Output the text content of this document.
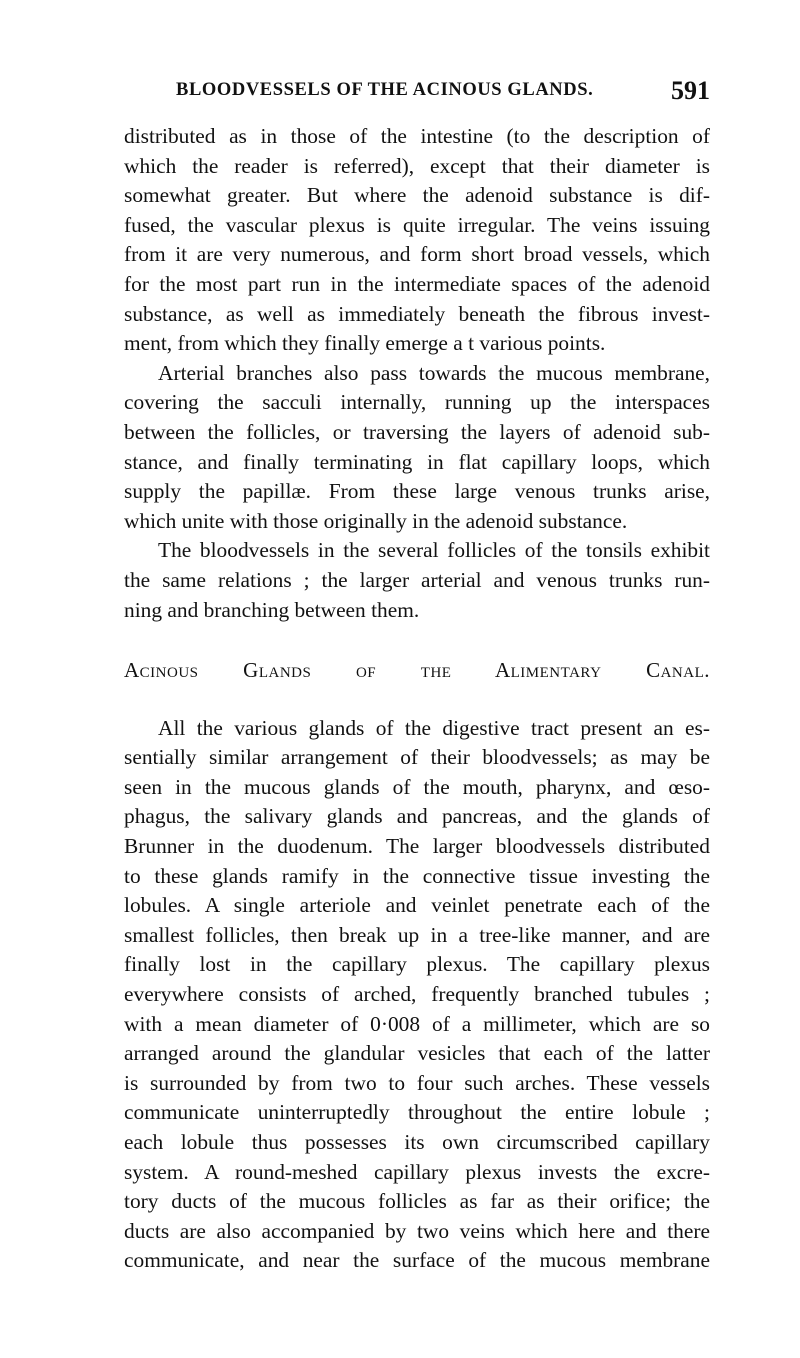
BLOODVESSELS OF THE ACINOUS GLANDS.	591
distributed as in those of the intestine (to the description of
which the reader is referred), except that their diameter is
somewhat greater. But where the adenoid substance is dif-
fused, the vascular plexus is quite irregular. The veins issuing
from it are very numerous, and form short broad vessels, which
for the most part run in the intermediate spaces of the adenoid
substance, as well as immediately beneath the fibrous invest-
ment, from which they finally emerge a t various points.
Arterial branches also pass towards the mucous membrane,
covering the sacculi internally, running up the interspaces
between the follicles, or traversing the layers of adenoid sub-
stance, and finally terminating in flat capillary loops, which
supply the papillæ. From these large venous trunks arise,
which unite with those originally in the adenoid substance.
The bloodvessels in the several follicles of the tonsils exhibit
the same relations ; the larger arterial and venous trunks run-
ning and branching between them.
Acinous Glands of the Alimentary Canal.
All the various glands of the digestive tract present an es-
sentially similar arrangement of their bloodvessels; as may be
seen in the mucous glands of the mouth, pharynx, and œso-
phagus, the salivary glands and pancreas, and the glands of
Brunner in the duodenum. The larger bloodvessels distributed
to these glands ramify in the connective tissue investing the
lobules. A single arteriole and veinlet penetrate each of the
smallest follicles, then break up in a tree-like manner, and are
finally lost in the capillary plexus. The capillary plexus
everywhere consists of arched, frequently branched tubules ;
with a mean diameter of 0·008 of a millimeter, which are so
arranged around the glandular vesicles that each of the latter
is surrounded by from two to four such arches. These vessels
communicate uninterruptedly throughout the entire lobule ;
each lobule thus possesses its own circumscribed capillary
system. A round-meshed capillary plexus invests the excre-
tory ducts of the mucous follicles as far as their orifice; the
ducts are also accompanied by two veins which here and there
communicate, and near the surface of the mucous membrane
